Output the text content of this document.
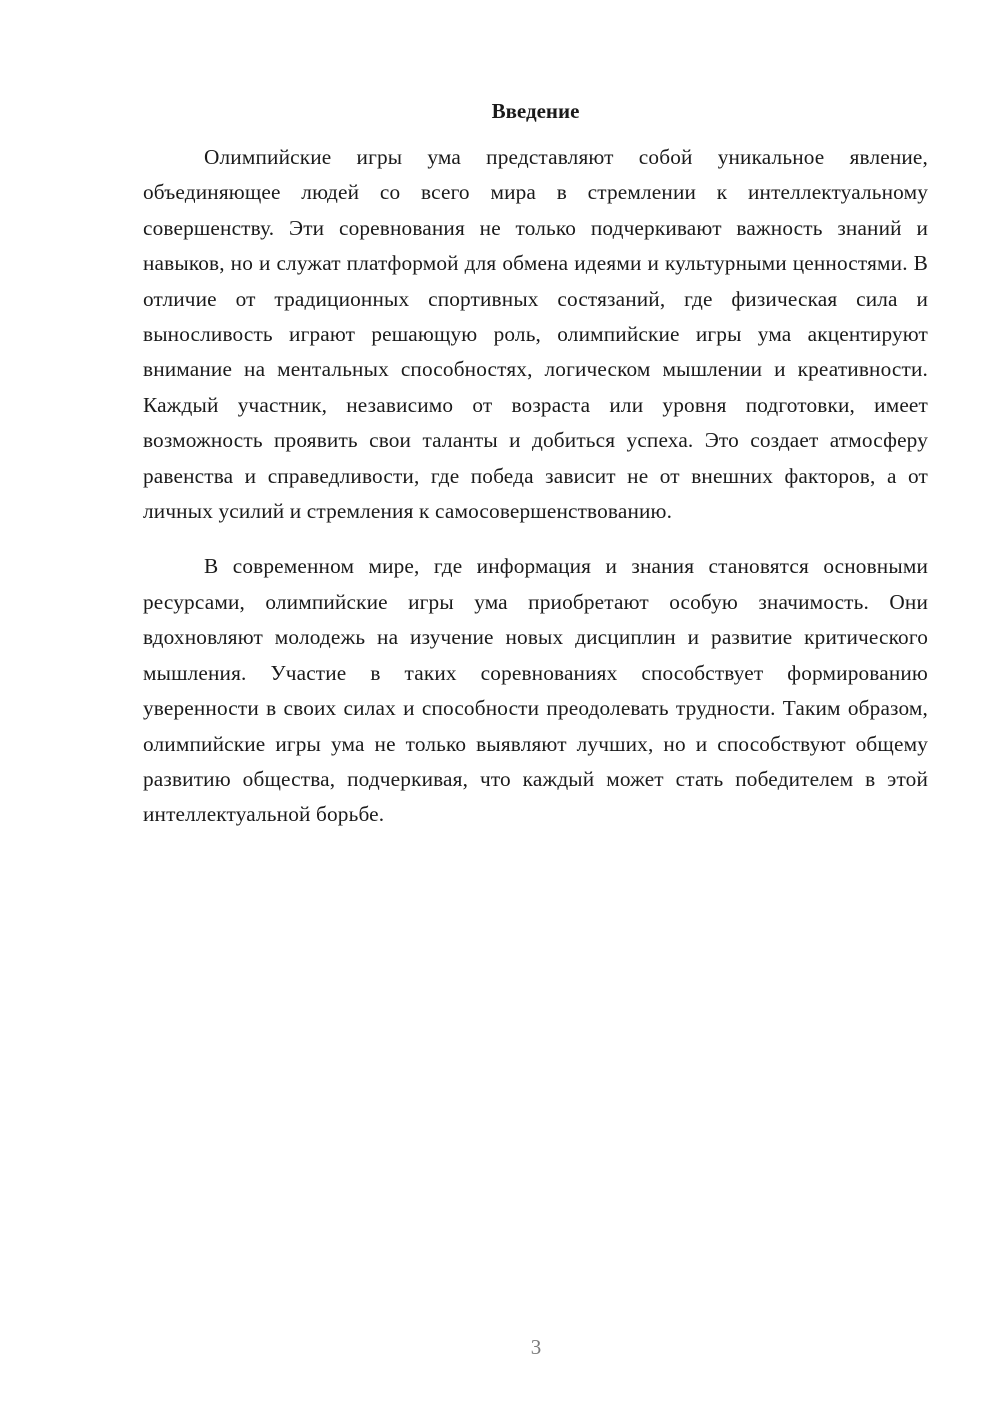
Введение

Олимпийские игры ума представляют собой уникальное явление, объединяющее людей со всего мира в стремлении к интеллектуальному совершенству. Эти соревнования не только подчеркивают важность знаний и навыков, но и служат платформой для обмена идеями и культурными ценностями. В отличие от традиционных спортивных состязаний, где физическая сила и выносливость играют решающую роль, олимпийские игры ума акцентируют внимание на ментальных способностях, логическом мышлении и креативности. Каждый участник, независимо от возраста или уровня подготовки, имеет возможность проявить свои таланты и добиться успеха. Это создает атмосферу равенства и справедливости, где победа зависит не от внешних факторов, а от личных усилий и стремления к самосовершенствованию.

В современном мире, где информация и знания становятся основными ресурсами, олимпийские игры ума приобретают особую значимость. Они вдохновляют молодежь на изучение новых дисциплин и развитие критического мышления. Участие в таких соревнованиях способствует формированию уверенности в своих силах и способности преодолевать трудности. Таким образом, олимпийские игры ума не только выявляют лучших, но и способствуют общему развитию общества, подчеркивая, что каждый может стать победителем в этой интеллектуальной борьбе.

3
